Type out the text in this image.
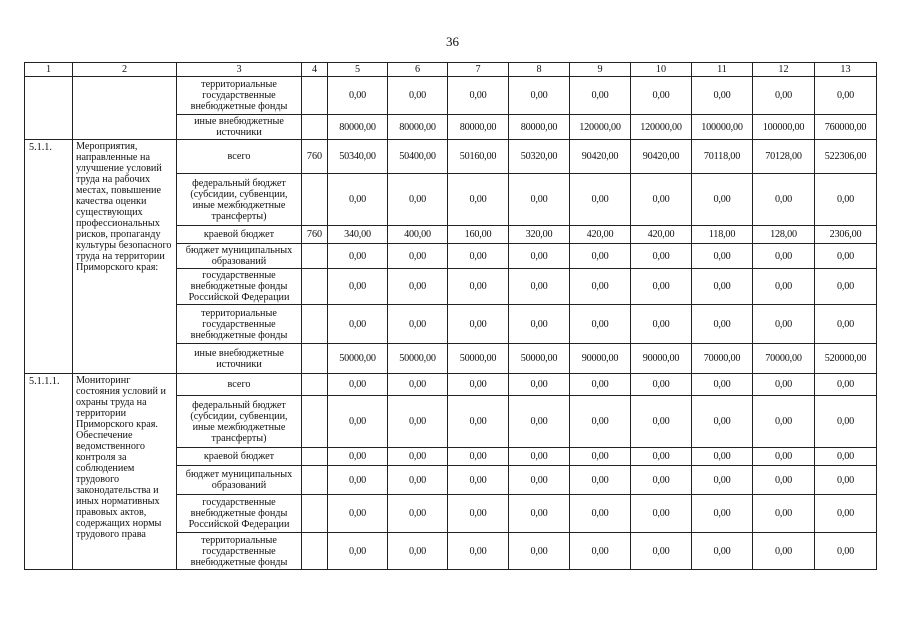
36
1	2	3	4	5	6	7	8	9	10	11	12	13
		территориальные государственные внебюджетные фонды		0,00	0,00	0,00	0,00	0,00	0,00	0,00	0,00	0,00
		иные внебюджетные источники		80000,00	80000,00	80000,00	80000,00	120000,00	120000,00	100000,00	100000,00	760000,00
5.1.1.	Мероприятия, направленные на улучшение условий труда на рабочих местах, повышение качества оценки существующих профессиональных рисков, пропаганду культуры безопасного труда на территории Приморского края:	всего	760	50340,00	50400,00	50160,00	50320,00	90420,00	90420,00	70118,00	70128,00	522306,00
		федеральный бюджет (субсидии, субвенции, иные межбюджетные трансферты)		0,00	0,00	0,00	0,00	0,00	0,00	0,00	0,00	0,00
		краевой бюджет	760	340,00	400,00	160,00	320,00	420,00	420,00	118,00	128,00	2306,00
		бюджет муниципальных образований		0,00	0,00	0,00	0,00	0,00	0,00	0,00	0,00	0,00
		государственные внебюджетные фонды Российской Федерации		0,00	0,00	0,00	0,00	0,00	0,00	0,00	0,00	0,00
		территориальные государственные внебюджетные фонды		0,00	0,00	0,00	0,00	0,00	0,00	0,00	0,00	0,00
		иные внебюджетные источники		50000,00	50000,00	50000,00	50000,00	90000,00	90000,00	70000,00	70000,00	520000,00
5.1.1.1.	Мониторинг состояния условий и охраны труда на территории Приморского края. Обеспечение ведомственного контроля за соблюдением трудового законодательства и иных нормативных правовых актов, содержащих нормы трудового права	всего		0,00	0,00	0,00	0,00	0,00	0,00	0,00	0,00	0,00
		федеральный бюджет (субсидии, субвенции, иные межбюджетные трансферты)		0,00	0,00	0,00	0,00	0,00	0,00	0,00	0,00	0,00
		краевой бюджет		0,00	0,00	0,00	0,00	0,00	0,00	0,00	0,00	0,00
		бюджет муниципальных образований		0,00	0,00	0,00	0,00	0,00	0,00	0,00	0,00	0,00
		государственные внебюджетные фонды Российской Федерации		0,00	0,00	0,00	0,00	0,00	0,00	0,00	0,00	0,00
		территориальные государственные внебюджетные фонды		0,00	0,00	0,00	0,00	0,00	0,00	0,00	0,00	0,00
